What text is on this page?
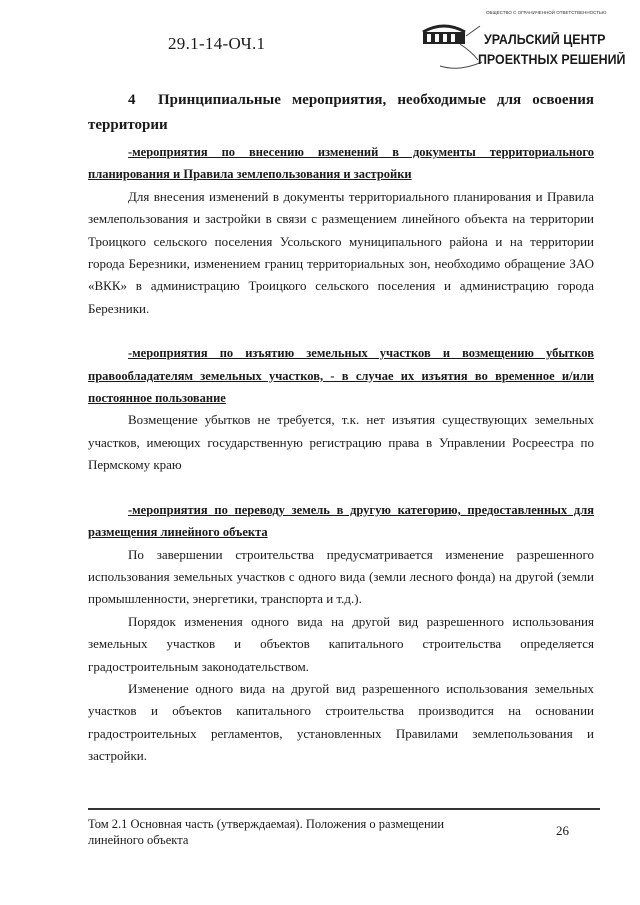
29.1-14-ОЧ.1
ОБЩЕСТВО С ОГРАНИЧЕННОЙ ОТВЕТСТВЕННОСТЬЮ
УРАЛЬСКИЙ ЦЕНТР
ПРОЕКТНЫХ РЕШЕНИЙ

4 Принципиальные мероприятия, необходимые для освоения территории

-мероприятия по внесению изменений в документы территориального планирования и Правила землепользования и застройки

Для внесения изменений в документы территориального планирования и Правила землепользования и застройки в связи с размещением линейного объекта на территории Троицкого сельского поселения Усольского муниципального района и на территории города Березники, изменением границ территориальных зон, необходимо обращение ЗАО «ВКК» в администрацию Троицкого сельского поселения и администрацию города Березники.

-мероприятия по изъятию земельных участков и возмещению убытков правообладателям земельных участков, - в случае их изъятия во временное и/или постоянное пользование

Возмещение убытков не требуется, т.к. нет изъятия существующих земельных участков, имеющих государственную регистрацию права в Управлении Росреестра по Пермскому краю

-мероприятия по переводу земель в другую категорию, предоставленных для размещения линейного объекта

По завершении строительства предусматривается изменение разрешенного использования земельных участков с одного вида (земли лесного фонда) на другой (земли промышленности, энергетики, транспорта и т.д.).

Порядок изменения одного вида на другой вид разрешенного использования земельных участков и объектов капитального строительства определяется градостроительным законодательством.

Изменение одного вида на другой вид разрешенного использования земельных участков и объектов капитального строительства производится на основании градостроительных регламентов, установленных Правилами землепользования и застройки.

Том 2.1 Основная часть (утверждаемая). Положения о размещении линейного объекта
26
